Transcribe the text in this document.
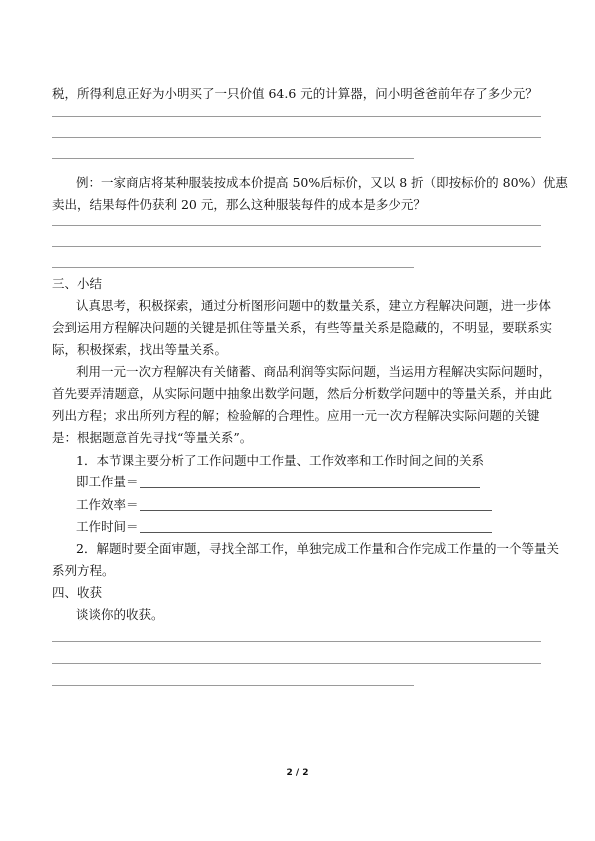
税，所得利息正好为小明买了一只价值 64.6 元的计算器，问小明爸爸前年存了多少元？
例：一家商店将某种服装按成本价提高 50%后标价，又以 8 折（即按标价的 80%）优惠
卖出，结果每件仍获利 20 元，那么这种服装每件的成本是多少元？
三、小结
认真思考，积极探索，通过分析图形问题中的数量关系，建立方程解决问题，进一步体
会到运用方程解决问题的关键是抓住等量关系，有些等量关系是隐藏的，不明显，要联系实
际，积极探索，找出等量关系。
利用一元一次方程解决有关储蓄、商品利润等实际问题，当运用方程解决实际问题时，
首先要弄清题意，从实际问题中抽象出数学问题，然后分析数学问题中的等量关系，并由此
列出方程；求出所列方程的解；检验解的合理性。应用一元一次方程解决实际问题的关键
是：根据题意首先寻找“等量关系”。
1．本节课主要分析了工作问题中工作量、工作效率和工作时间之间的关系
即工作量＝
工作效率＝
工作时间＝
2．解题时要全面审题，寻找全部工作，单独完成工作量和合作完成工作量的一个等量关
系列方程。
四、收获
谈谈你的收获。
2 / 2
